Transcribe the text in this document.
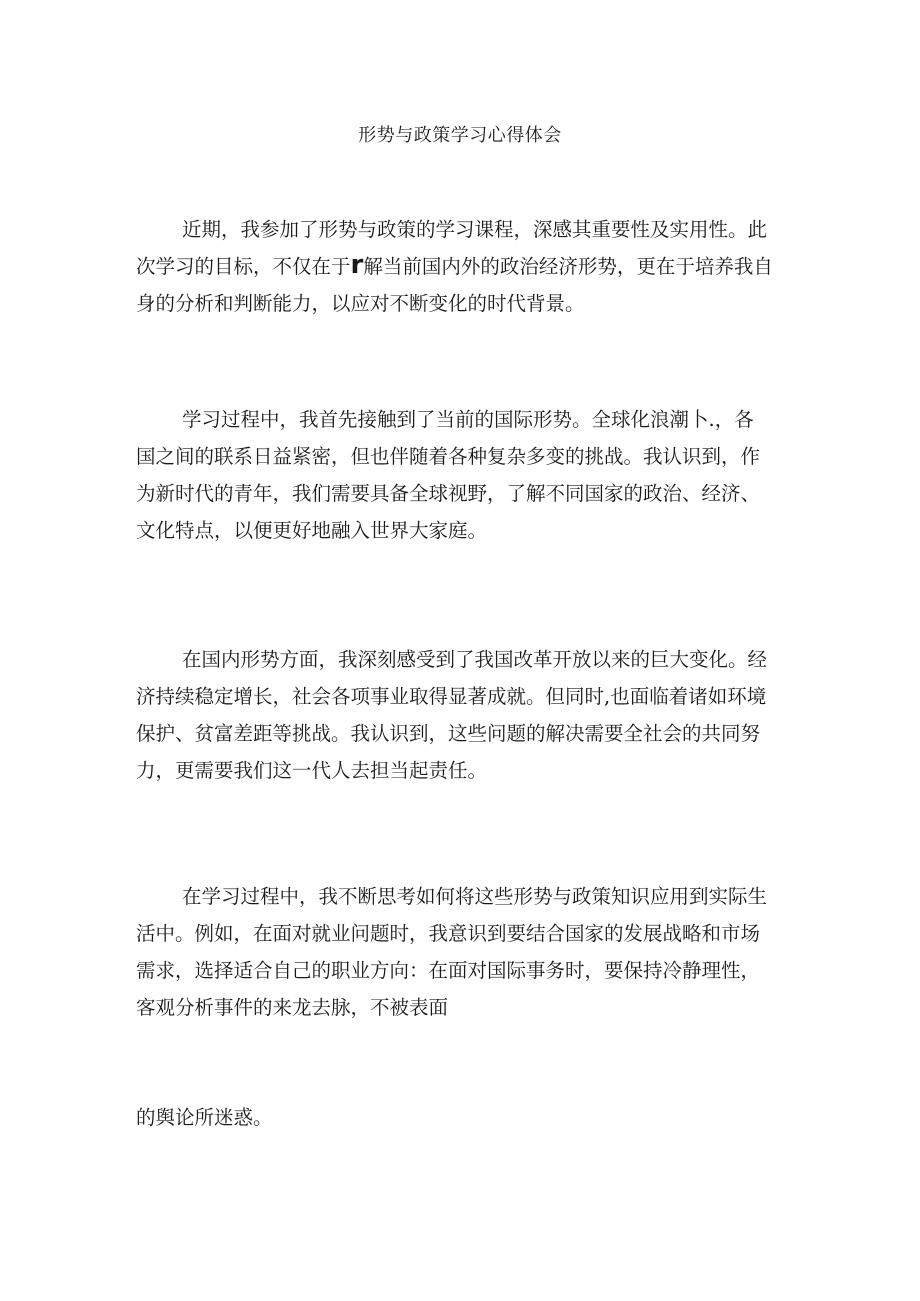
形势与政策学习心得体会
近期，我参加了形势与政策的学习课程，深感其重要性及实用性。此
次学习的目标，不仅在于r解当前国内外的政治经济形势，更在于培养我自
身的分析和判断能力，以应对不断变化的时代背景。
学习过程中，我首先接触到了当前的国际形势。全球化浪潮卜.，各
国之间的联系日益紧密，但也伴随着各种复杂多变的挑战。我认识到，作
为新时代的青年，我们需要具备全球视野，了解不同国家的政治、经济、
文化特点，以便更好地融入世界大家庭。
在国内形势方面，我深刻感受到了我国改革开放以来的巨大变化。经
济持续稳定增长，社会各项事业取得显著成就。但同时,也面临着诸如环境
保护、贫富差距等挑战。我认识到，这些问题的解决需要全社会的共同努
力，更需要我们这一代人去担当起责任。
在学习过程中，我不断思考如何将这些形势与政策知识应用到实际生
活中。例如，在面对就业问题时，我意识到要结合国家的发展战略和市场
需求，选择适合自己的职业方向：在面对国际事务时，要保持冷静理性，
客观分析事件的来龙去脉，不被表面
的舆论所迷惑。
